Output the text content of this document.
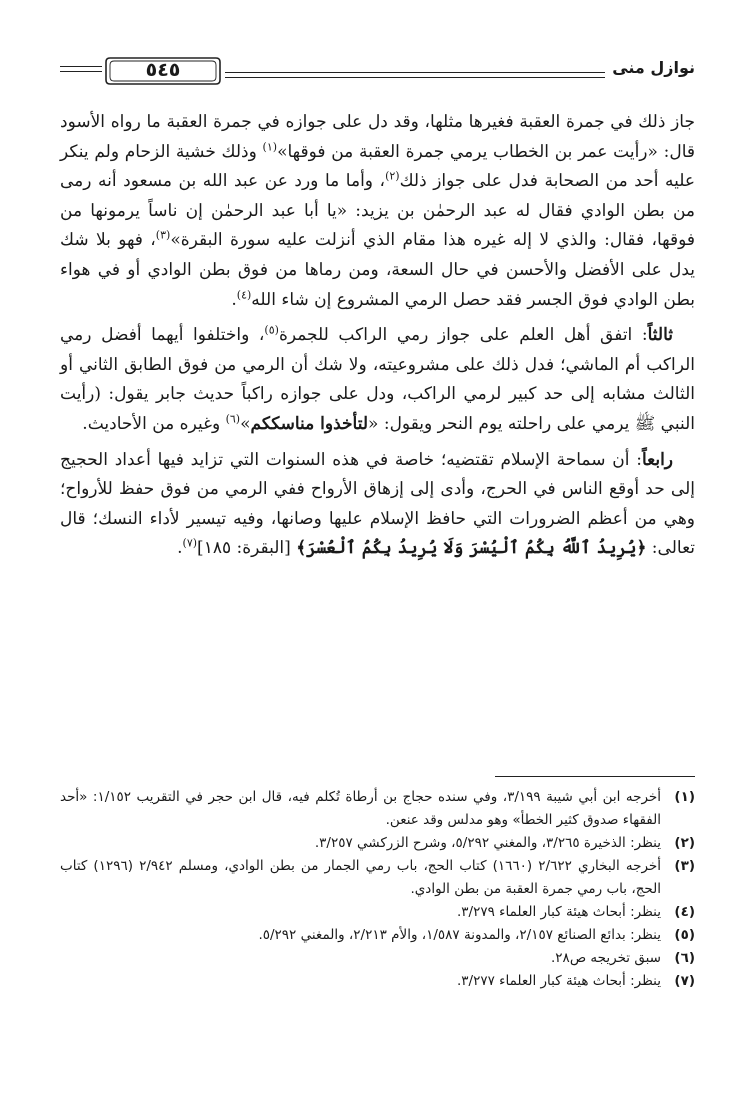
٥٤٥	نوازل منى

جاز ذلك في جمرة العقبة فغيرها مثلها، وقد دل على جوازه في جمرة العقبة ما رواه الأسود قال: «رأيت عمر بن الخطاب يرمي جمرة العقبة من فوقها»$^{(١)}$ وذلك خشية الزحام ولم ينكر عليه أحد من الصحابة فدل على جواز ذلك$^{(٢)}$، وأما ما ورد عن عبد الله بن مسعود أنه رمى من بطن الوادي فقال له عبد الرحمٰن بن يزيد: «يا أبا عبد الرحمٰن إن ناساً يرمونها من فوقها، فقال: والذي لا إله غيره هذا مقام الذي أنزلت عليه سورة البقرة»$^{(٣)}$، فهو بلا شك يدل على الأفضل والأحسن في حال السعة، ومن رماها من فوق بطن الوادي أو في هواء بطن الوادي فوق الجسر فقد حصل الرمي المشروع إن شاء الله$^{(٤)}$.

ثالثاً: اتفق أهل العلم على جواز رمي الراكب للجمرة$^{(٥)}$، واختلفوا أيهما أفضل رمي الراكب أم الماشي؛ فدل ذلك على مشروعيته، ولا شك أن الرمي من فوق الطابق الثاني أو الثالث مشابه إلى حد كبير لرمي الراكب، ودل على جوازه راكباً حديث جابر يقول: (رأيت النبي ﷺ يرمي على راحلته يوم النحر ويقول: «لتأخذوا مناسككم»$^{(٦)}$ وغيره من الأحاديث.

رابعاً: أن سماحة الإسلام تقتضيه؛ خاصة في هذه السنوات التي تزايد فيها أعداد الحجيج إلى حد أوقع الناس في الحرج، وأدى إلى إزهاق الأرواح ففي الرمي من فوق حفظ للأرواح؛ وهي من أعظم الضرورات التي حافظ الإسلام عليها وصانها، وفيه تيسير لأداء النسك؛ قال تعالى: ﴿يُرِيدُ ٱللَّهُ بِكُمُ ٱلْيُسْرَ وَلَا يُرِيدُ بِكُمُ ٱلْعُسْرَ﴾ [البقرة: ١٨٥]$^{(٧)}$.

(١)
أخرجه ابن أبي شيبة ٣/١٩٩، وفي سنده حجاج بن أرطاة تُكلم فيه، قال ابن حجر في التقريب ١/١٥٢: «أحد الفقهاء صدوق كثير الخطأ» وهو مدلس وقد عنعن.
(٢)
ينظر: الذخيرة ٣/٢٦٥، والمغني ٥/٢٩٢، وشرح الزركشي ٣/٢٥٧.
(٣)
أخرجه البخاري ٢/٦٢٢ (١٦٦٠) كتاب الحج، باب رمي الجمار من بطن الوادي، ومسلم ٢/٩٤٢ (١٢٩٦) كتاب الحج، باب رمي جمرة العقبة من بطن الوادي.
(٤)
ينظر: أبحاث هيئة كبار العلماء ٣/٢٧٩.
(٥)
ينظر: بدائع الصنائع ٢/١٥٧، والمدونة ١/٥٨٧، والأم ٢/٢١٣، والمغني ٥/٢٩٢.
(٦)
سبق تخريجه ص٢٨.
(٧)
ينظر: أبحاث هيئة كبار العلماء ٣/٢٧٧.
